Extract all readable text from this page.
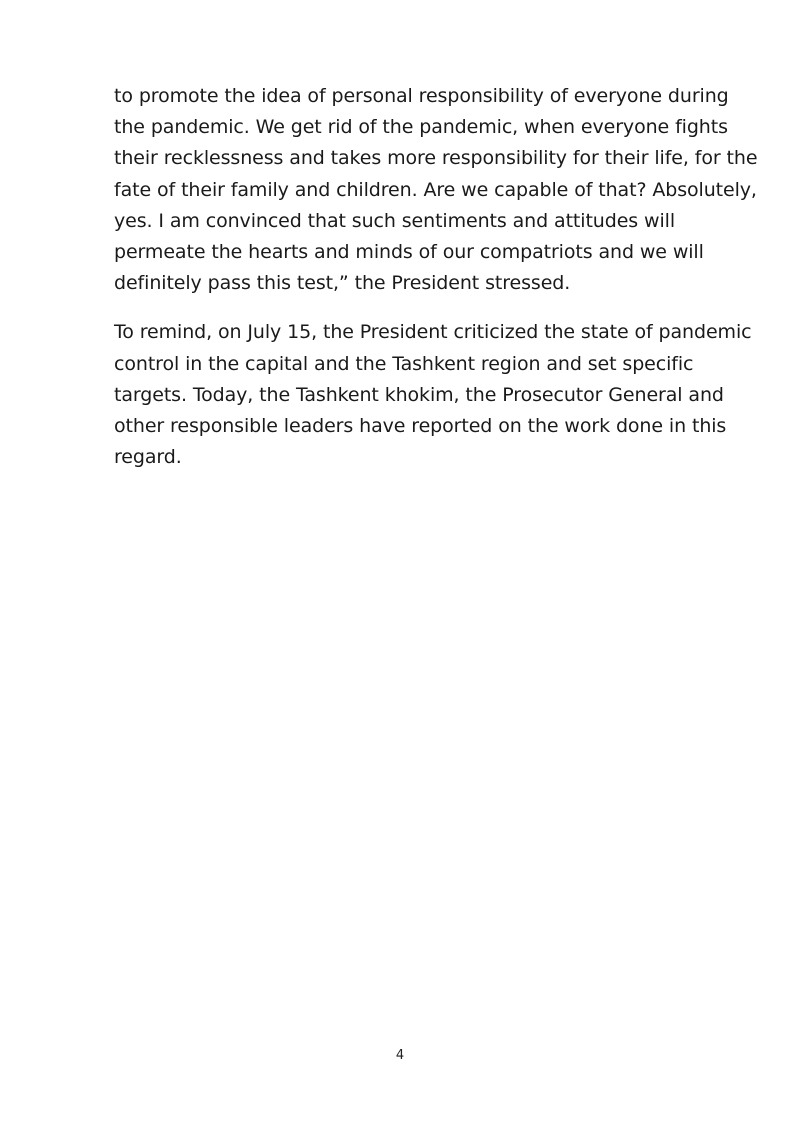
to promote the idea of personal responsibility of everyone during
the pandemic. We get rid of the pandemic, when everyone fights
their recklessness and takes more responsibility for their life, for the
fate of their family and children. Are we capable of that? Absolutely,
yes. I am convinced that such sentiments and attitudes will
permeate the hearts and minds of our compatriots and we will
definitely pass this test,” the President stressed.

To remind, on July 15, the President criticized the state of pandemic
control in the capital and the Tashkent region and set specific
targets. Today, the Tashkent khokim, the Prosecutor General and
other responsible leaders have reported on the work done in this
regard.

4
